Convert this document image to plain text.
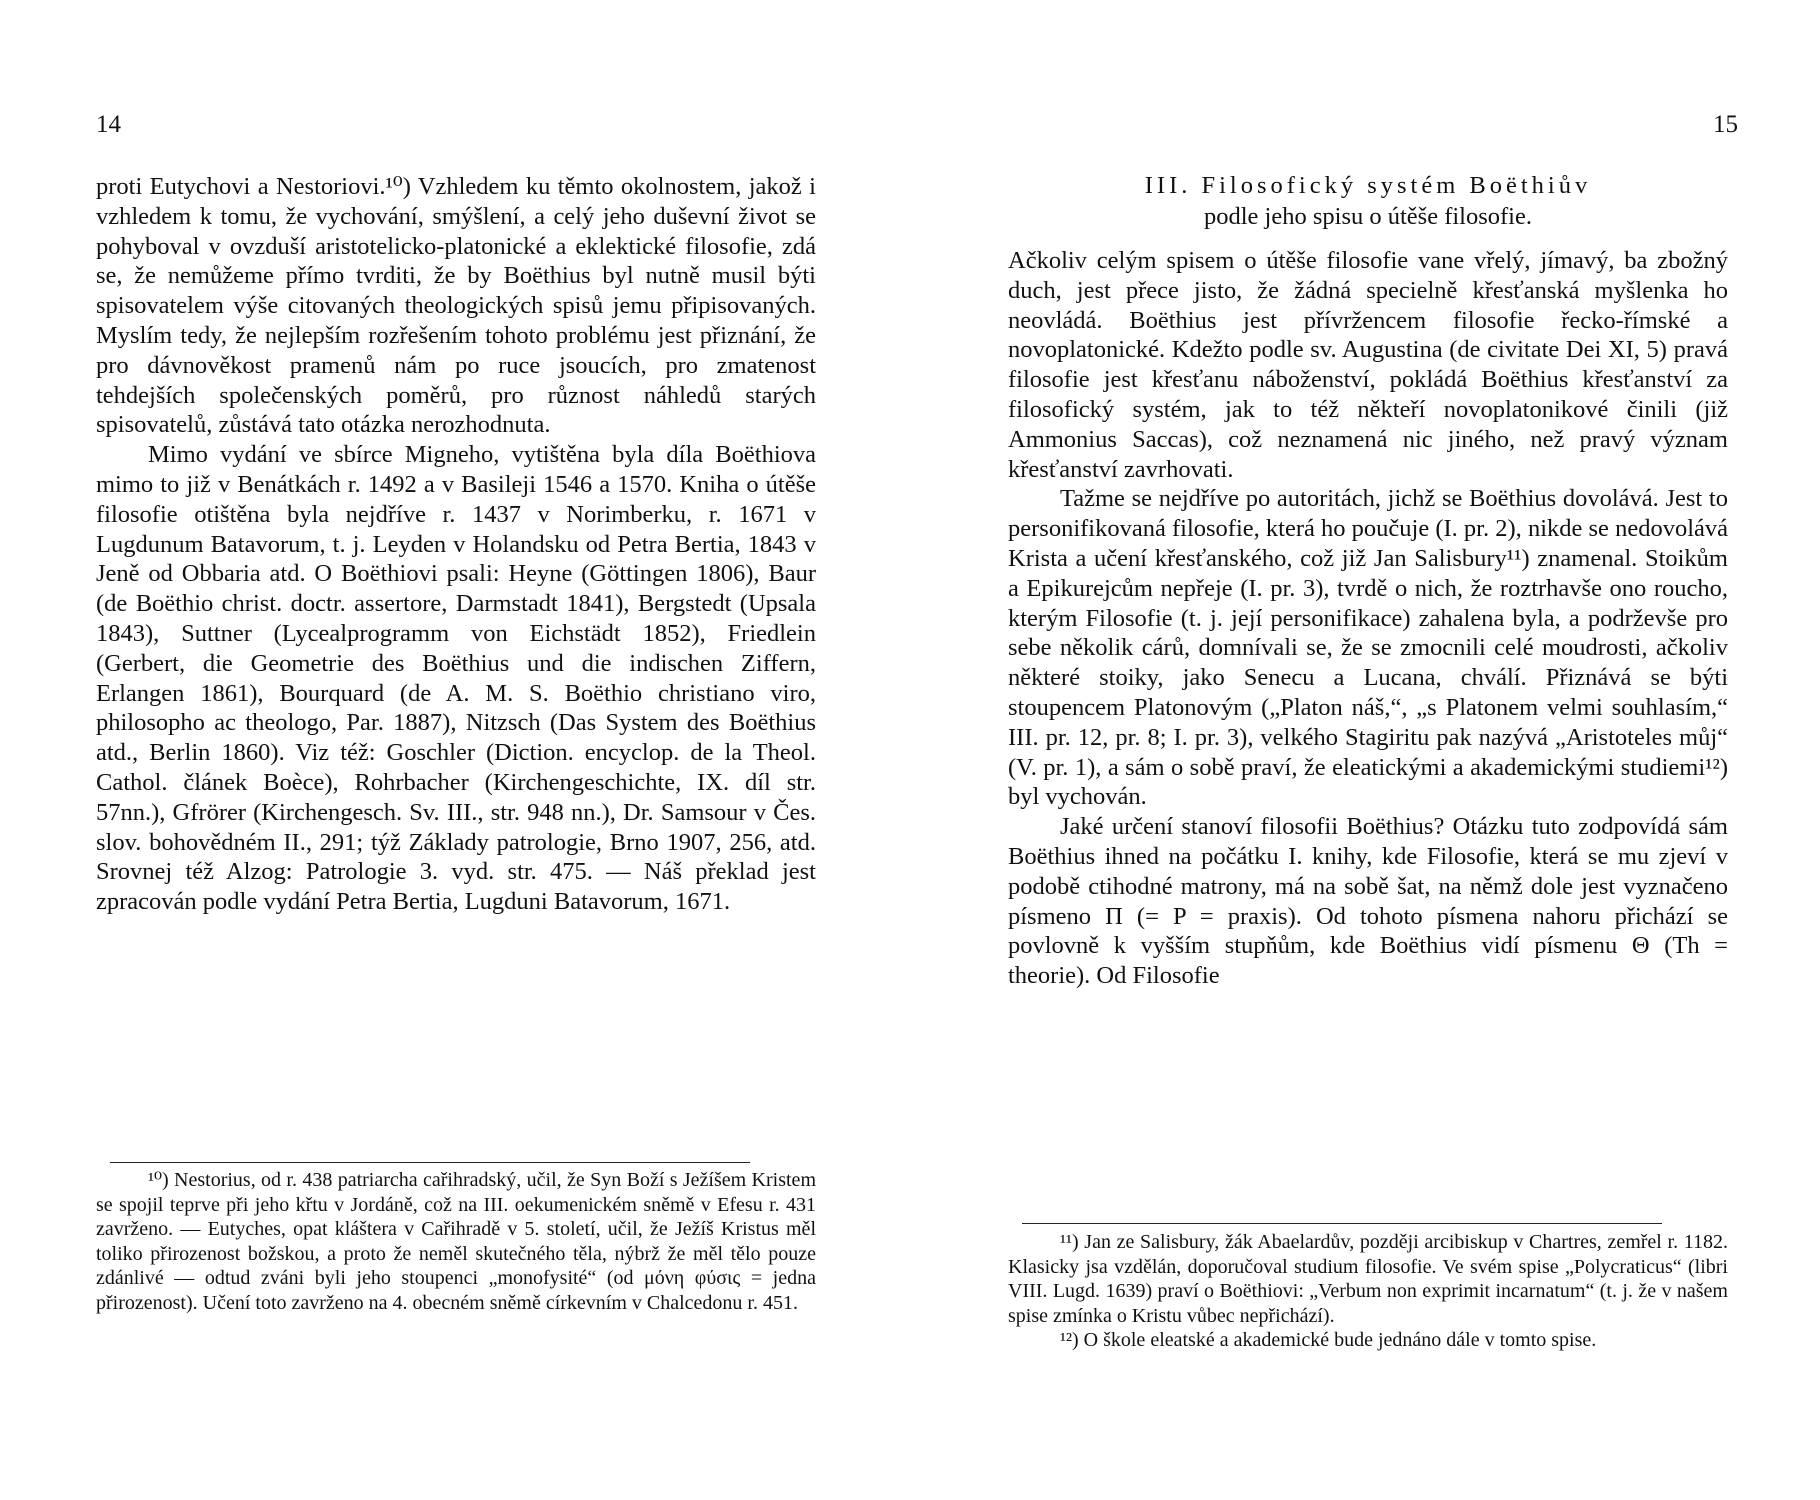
14

proti Eutychovi a Nestoriovi.¹⁰) Vzhledem ku těmto okolnostem, jakož i vzhledem k tomu, že vychování, smýšlení, a celý jeho duševní život se pohyboval v ovzduší aristotelicko-platonické a eklektické filosofie, zdá se, že nemůžeme přímo tvrditi, že by Boëthius byl nutně musil býti spisovatelem výše citovaných theologických spisů jemu připisovaných. Myslím tedy, že nejlepším rozřešením tohoto problému jest přiznání, že pro dávnověkost pramenů nám po ruce jsoucích, pro zmatenost tehdejších společenských poměrů, pro různost náhledů starých spisovatelů, zůstává tato otázka nerozhodnuta.

Mimo vydání ve sbírce Migneho, vytištěna byla díla Boëthiova mimo to již v Benátkách r. 1492 a v Basileji 1546 a 1570. Kniha o útěše filosofie otištěna byla nejdříve r. 1437 v Norimberku, r. 1671 v Lugdunum Batavorum, t. j. Leyden v Holandsku od Petra Bertia, 1843 v Jeně od Obbaria atd. O Boëthiovi psali: Heyne (Göttingen 1806), Baur (de Boëthio christ. doctr. assertore, Darmstadt 1841), Bergstedt (Upsala 1843), Suttner (Lycealprogramm von Eichstädt 1852), Friedlein (Gerbert, die Geometrie des Boëthius und die indischen Ziffern, Erlangen 1861), Bourquard (de A. M. S. Boëthio christiano viro, philosopho ac theologo, Par. 1887), Nitzsch (Das System des Boëthius atd., Berlin 1860). Viz též: Goschler (Diction. encyclop. de la Theol. Cathol. článek Boèce), Rohrbacher (Kirchengeschichte, IX. díl str. 57nn.), Gfrörer (Kirchengesch. Sv. III., str. 948 nn.), Dr. Samsour v Čes. slov. bohovědném II., 291; týž Základy patrologie, Brno 1907, 256, atd. Srovnej též Alzog: Patrologie 3. vyd. str. 475. — Náš překlad jest zpracován podle vydání Petra Bertia, Lugduni Batavorum, 1671.

¹⁰) Nestorius, od r. 438 patriarcha cařihradský, učil, že Syn Boží s Ježíšem Kristem se spojil teprve při jeho křtu v Jordáně, což na III. oekumenickém sněmě v Efesu r. 431 zavrženo. — Eutyches, opat kláštera v Cařihradě v 5. století, učil, že Ježíš Kristus měl toliko přirozenost božskou, a proto že neměl skutečného těla, nýbrž že měl tělo pouze zdánlivé — odtud zváni byli jeho stoupenci „monofysité“ (od μόνη φύσις = jedna přirozenost). Učení toto zavrženo na 4. obecném sněmě církevním v Chalcedonu r. 451.

15
III. Filosofický systém Boëthiův
podle jeho spisu o útěše filosofie.

Ačkoliv celým spisem o útěše filosofie vane vřelý, jímavý, ba zbožný duch, jest přece jisto, že žádná specielně křesťanská myšlenka ho neovládá. Boëthius jest přívržencem filosofie řecko-římské a novoplatonické. Kdežto podle sv. Augustina (de civitate Dei XI, 5) pravá filosofie jest křesťanu náboženství, pokládá Boëthius křesťanství za filosofický systém, jak to též někteří novoplatonikové činili (již Ammonius Saccas), což neznamená nic jiného, než pravý význam křesťanství zavrhovati.

Tažme se nejdříve po autoritách, jichž se Boëthius dovolává. Jest to personifikovaná filosofie, která ho poučuje (I. pr. 2), nikde se nedovolává Krista a učení křesťanského, což již Jan Salisbury¹¹) znamenal. Stoikům a Epikurejcům nepřeje (I. pr. 3), tvrdě o nich, že roztrhavše ono roucho, kterým Filosofie (t. j. její personifikace) zahalena byla, a podrževše pro sebe několik cárů, domnívali se, že se zmocnili celé moudrosti, ačkoliv některé stoiky, jako Senecu a Lucana, chválí. Přiznává se býti stoupencem Platonovým („Platon náš,“, „s Platonem velmi souhlasím,“ III. pr. 12, pr. 8; I. pr. 3), velkého Stagiritu pak nazývá „Aristoteles můj“ (V. pr. 1), a sám o sobě praví, že eleatickými a akademickými studiemi¹²) byl vychován.

Jaké určení stanoví filosofii Boëthius? Otázku tuto zodpovídá sám Boëthius ihned na počátku I. knihy, kde Filosofie, která se mu zjeví v podobě ctihodné matrony, má na sobě šat, na němž dole jest vyznačeno písmeno Π (= P = praxis). Od tohoto písmena nahoru přichází se povlovně k vyšším stupňům, kde Boëthius vidí písmenu Θ (Th = theorie). Od Filosofie

¹¹) Jan ze Salisbury, žák Abaelardův, později arcibiskup v Chartres, zemřel r. 1182. Klasicky jsa vzdělán, doporučoval studium filosofie. Ve svém spise „Polycraticus“ (libri VIII. Lugd. 1639) praví o Boëthiovi: „Verbum non exprimit incarnatum“ (t. j. že v našem spise zmínka o Kristu vůbec nepřichází).

¹²) O škole eleatské a akademické bude jednáno dále v tomto spise.
